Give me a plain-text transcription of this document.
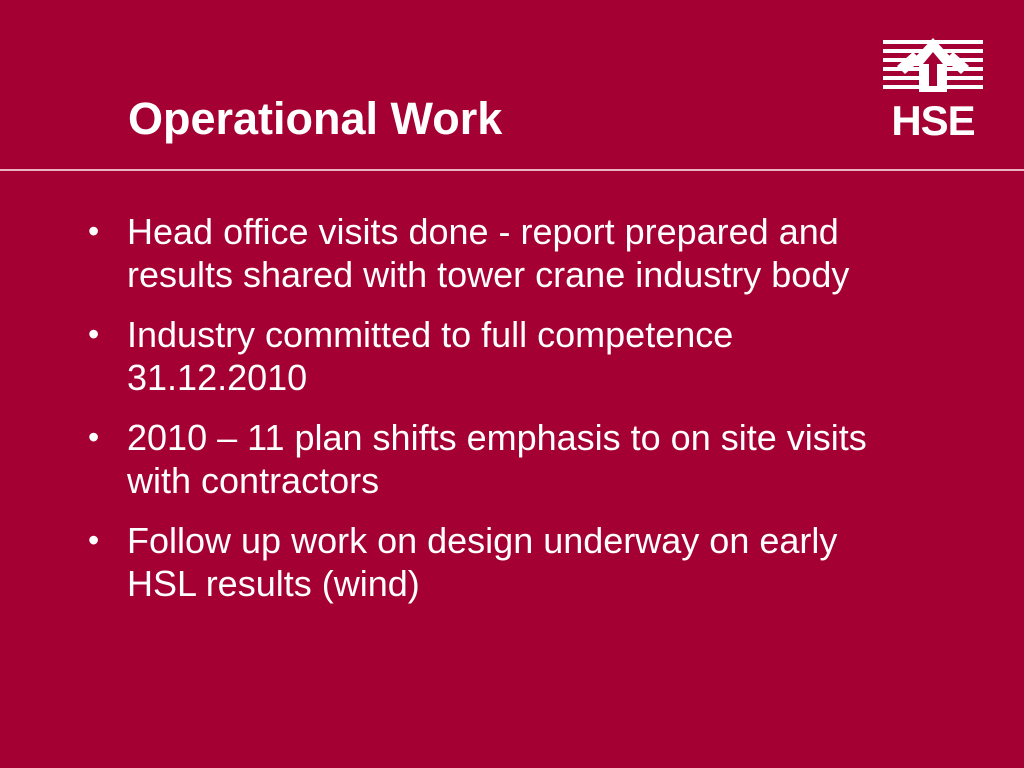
Operational Work	HSE
• Head office visits done - report prepared and results shared with tower crane industry body
• Industry committed to full competence 31.12.2010
• 2010 – 11 plan shifts emphasis to on site visits with contractors
• Follow up work on design underway on early HSL results (wind)
